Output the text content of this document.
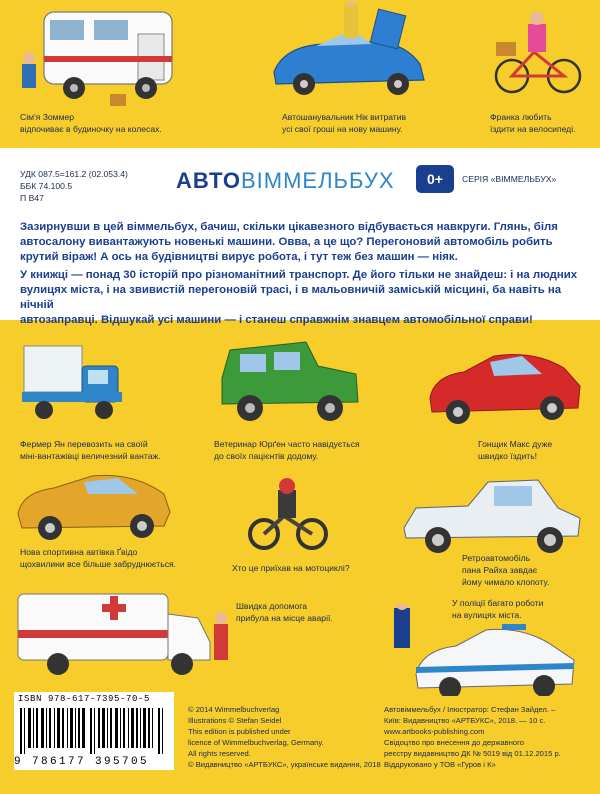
Сім'я Зоммер
відпочиває в будиночку на колесах.
Автошанувальник Нік витратив
усі свої гроші на нову машину.
Франка любить
їздити на велосипеді.
УДК 087.5=161.2 (02.053.4)
ББК 74.100.5
П В47
АВТОВІММЕЛЬБУХ	0+	СЕРІЯ «ВІММЕЛЬБУХ»
Зазирнувши в цей віммельбух, бачиш, скільки цікавезного відбувається навкруги. Глянь, біля
автосалону вивантажують новенькі машини. Овва, а це що? Перегоновий автомобіль робить
крутий віраж! А ось на будівництві вирує робота, і тут теж без машин — ніяк.
У книжці — понад 30 історій про різноманітний транспорт. Де його тільки не знайдеш: і на людних
вулицях міста, і на звивистій перегоновій трасі, і в мальовничій заміській місцині, ба навіть на нічній
автозаправці. Відшукай усі машини — і станеш справжнім знавцем автомобільної справи!
Фермер Ян перевозить на своїй
міні-вантажівці величезний вантаж.
Ветеринар Юрґен часто навідується
до своїх пацієнтів додому.
Гонщик Макс дуже
швидко їздить!
Нова спортивна автівка Ґвідо
щохвилини все більше забруднюється.	Хто це приїхав на мотоциклі?
Ретроавтомобіль
пана Райха завдає
йому чимало клопоту.
Швидка допомога
прибула на місце аварії.
У поліції багато роботи
на вулицях міста.
ISBN 978-617-7395-70-5
9 786177 395705
© 2014 Wimmelbuchverlag
Illustrations © Stefan Seidel
This edition is published under
licence of Wimmelbuchverlag, Germany.
All rights reserved.
© Видавництво «АРТБУКС», українське видання, 2018
Автовіммельбух / Ілюстратор: Стефан Зайдел. –
Київ: Видавництво «АРТБУКС», 2018. — 10 с.
www.artbooks-publishing.com
Свідоцтво про внесення до державного
реєстру видавництво ДК № 5019 від 01.12.2015 р.
Віддруковано у ТОВ «Гуров і К»
